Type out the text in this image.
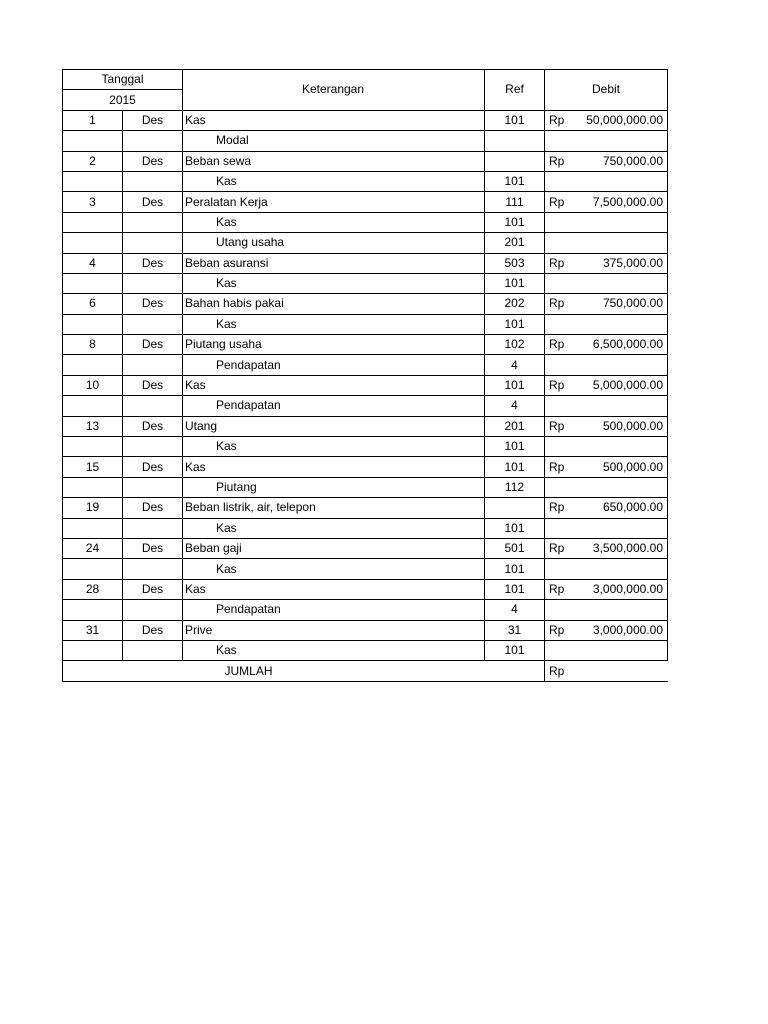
Tanggal		Keterangan	Ref	Debit
2015				
1	Des	Kas	101	Rp 50,000,000.00

		Modal		

2	Des	Beban sewa		Rp 750,000.00

		Kas	101	

3	Des	Peralatan Kerja	111	Rp 7,500,000.00

		Kas	101	

		Utang usaha	201	

4	Des	Beban asuransi	503	Rp 375,000.00

		Kas	101	

6	Des	Bahan habis pakai	202	Rp 750,000.00

		Kas	101	

8	Des	Piutang usaha	102	Rp 6,500,000.00

		Pendapatan	4	

10	Des	Kas	101	Rp 5,000,000.00

		Pendapatan	4	

13	Des	Utang	201	Rp 500,000.00

		Kas	101	

15	Des	Kas	101	Rp 500,000.00

		Piutang	112	

19	Des	Beban listrik, air, telepon		Rp 650,000.00

		Kas	101	

24	Des	Beban gaji	501	Rp 3,500,000.00

		Kas	101	

28	Des	Kas	101	Rp 3,000,000.00

		Pendapatan	4	

31	Des	Prive	31	Rp 3,000,000.00

		Kas	101	

JUMLAH				Rp
